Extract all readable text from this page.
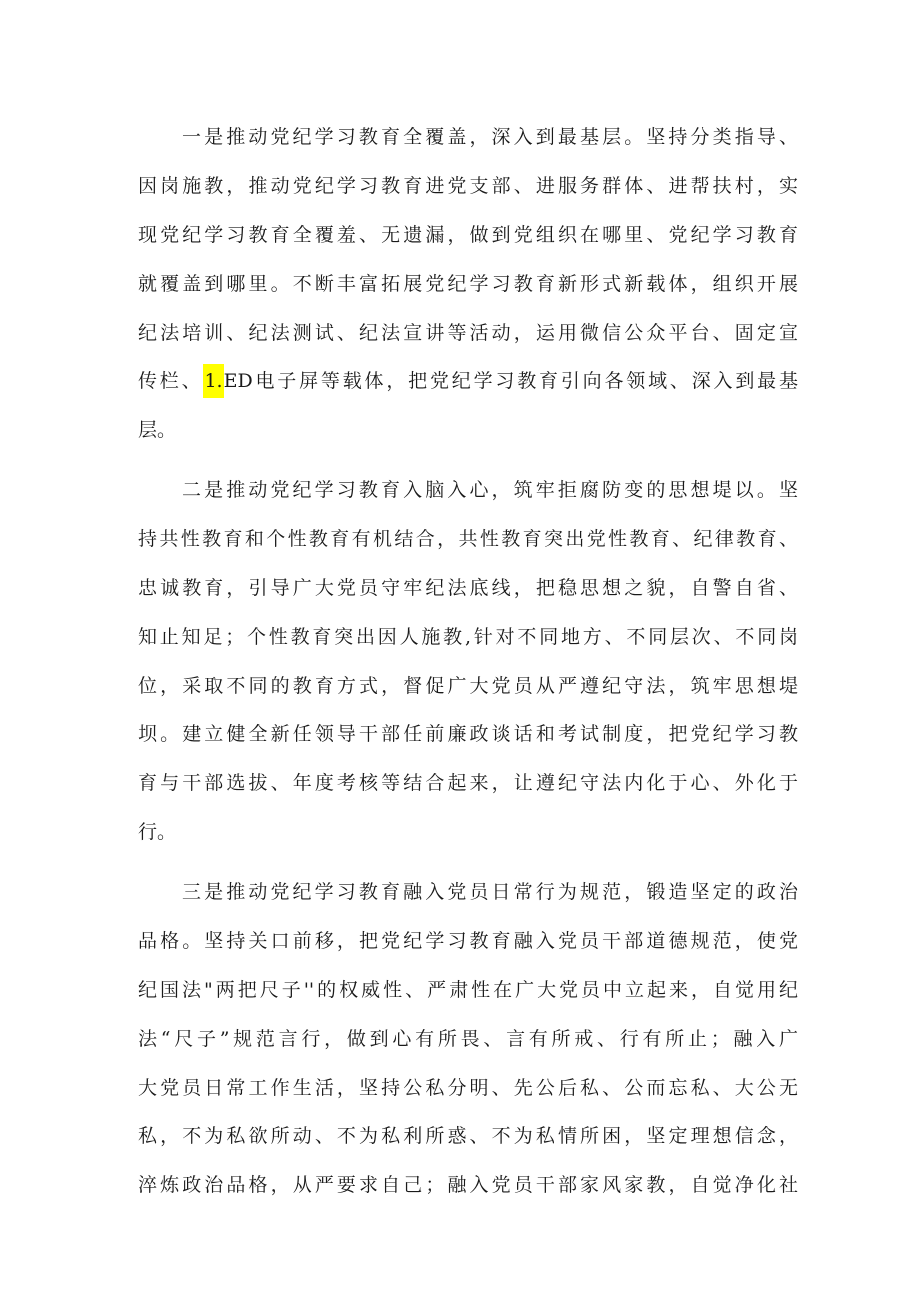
一是推动党纪学习教育全覆盖，深入到最基层。坚持分类指导、
因岗施教，推动党纪学习教育进党支部、进服务群体、进帮扶村，实
现党纪学习教育全覆羞、无遗漏，做到党组织在哪里、党纪学习教育
就覆盖到哪里。不断丰富拓展党纪学习教育新形式新载体，组织开展
纪法培训、纪法测试、纪法宣讲等活动，运用微信公众平台、固定宣
传栏、1.ED电子屏等载体，把党纪学习教育引向各领域、深入到最基
层。
二是推动党纪学习教育入脑入心，筑牢拒腐防变的思想堤以。坚
持共性教育和个性教育有机结合，共性教育突出党性教育、纪律教育、
忠诚教育，引导广大党员守牢纪法底线，把稳思想之貌，自警自省、
知止知足；个性教育突出因人施教,针对不同地方、不同层次、不同岗
位，采取不同的教育方式，督促广大党员从严遵纪守法，筑牢思想堤
坝。建立健全新任领导干部任前廉政谈话和考试制度，把党纪学习教
育与干部选拔、年度考核等结合起来，让遵纪守法内化于心、外化于
行。
三是推动党纪学习教育融入党员日常行为规范，锻造坚定的政治
品格。坚持关口前移，把党纪学习教育融入党员干部道德规范，使党
纪国法"两把尺子''的权威性、严肃性在广大党员中立起来，自觉用纪
法“尺子”规范言行，做到心有所畏、言有所戒、行有所止；融入广
大党员日常工作生活，坚持公私分明、先公后私、公而忘私、大公无
私，不为私欲所动、不为私利所惑、不为私情所困，坚定理想信念，
淬炼政治品格，从严要求自己；融入党员干部家风家教，自觉净化社
